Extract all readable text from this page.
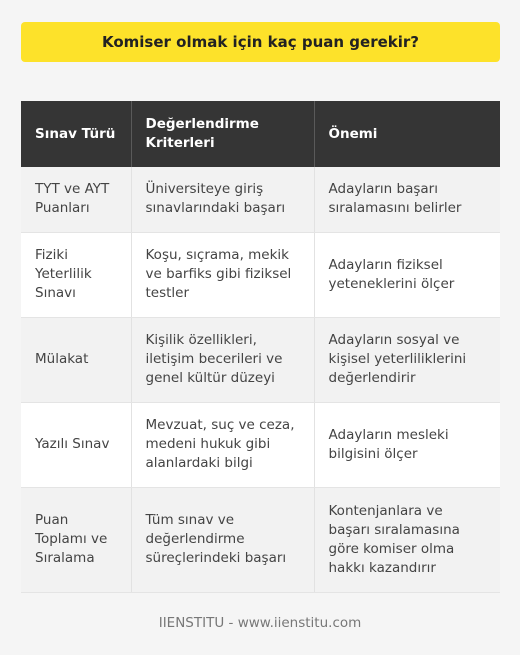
Komiser olmak için kaç puan gerekir?
Sınav Türü	Değerlendirme Kriterleri	Önemi
TYT ve AYT Puanları	Üniversiteye giriş sınavlarındaki başarı	Adayların başarı sıralamasını belirler
Fiziki Yeterlilik Sınavı	Koşu, sıçrama, mekik ve barfiks gibi fiziksel testler	Adayların fiziksel yeteneklerini ölçer
Mülakat	Kişilik özellikleri, iletişim becerileri ve genel kültür düzeyi	Adayların sosyal ve kişisel yeterliliklerini değerlendirir
Yazılı Sınav	Mevzuat, suç ve ceza, medeni hukuk gibi alanlardaki bilgi	Adayların mesleki bilgisini ölçer
Puan Toplamı ve Sıralama	Tüm sınav ve değerlendirme süreçlerindeki başarı	Kontenjanlara ve başarı sıralamasına göre komiser olma hakkı kazandırır
IIENSTITU - www.iienstitu.com
